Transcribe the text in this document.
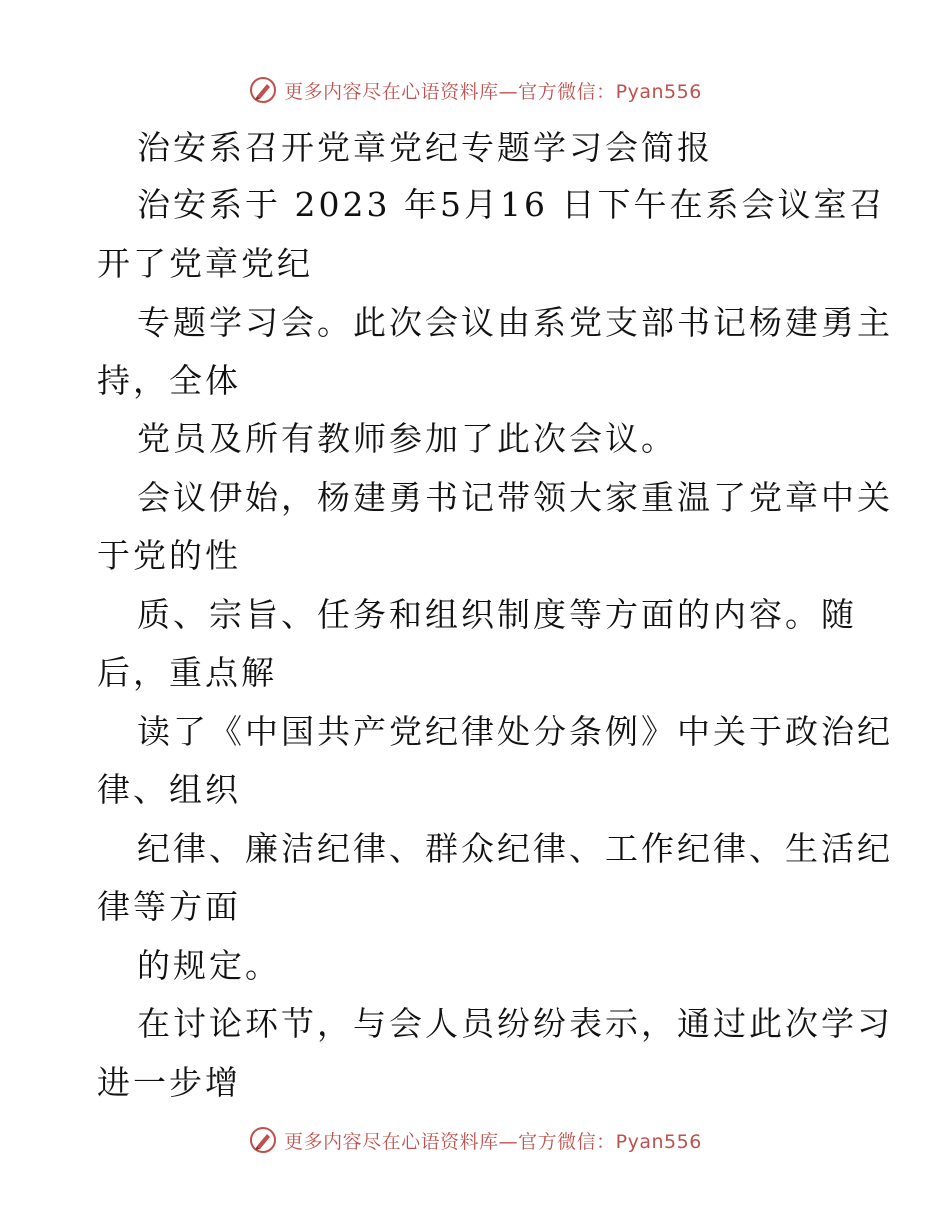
更多内容尽在心语资料库—官方微信：Pyan556
治安系召开党章党纪专题学习会简报
治安系于 2023 年5月16 日下午在系会议室召
开了党章党纪
专题学习会。此次会议由系党支部书记杨建勇主
持，全体
党员及所有教师参加了此次会议。
会议伊始，杨建勇书记带领大家重温了党章中关
于党的性
质、宗旨、任务和组织制度等方面的内容。随
后，重点解
读了《中国共产党纪律处分条例》中关于政治纪
律、组织
纪律、廉洁纪律、群众纪律、工作纪律、生活纪
律等方面
的规定。
在讨论环节，与会人员纷纷表示，通过此次学习
进一步增
更多内容尽在心语资料库—官方微信：Pyan556
